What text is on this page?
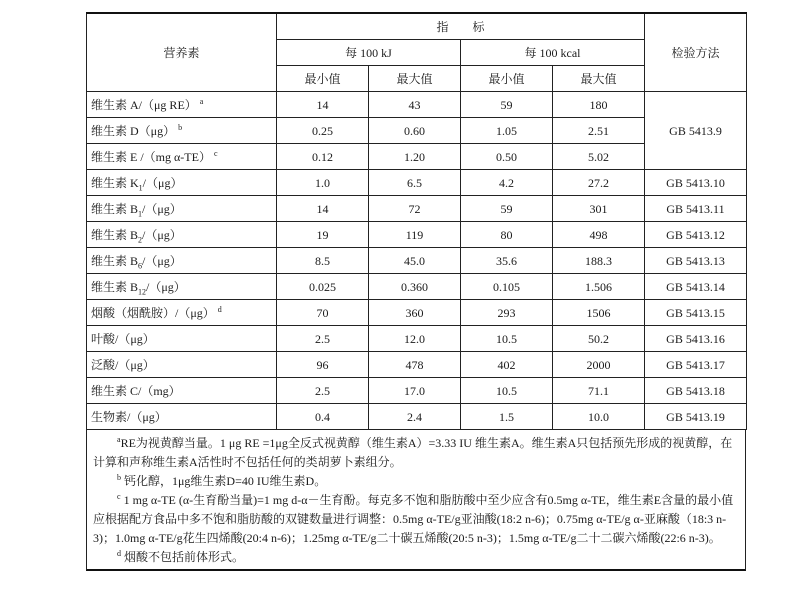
营养素	指　　标				检验方法
	每 100 kJ		每 100 kcal		
	最小值	最大值	最小值	最大值	
维生素 A/（μg RE） $^a$	14	43	59	180	GB 5413.9
维生素 D（μg） $^b$	0.25	0.60	1.05	2.51	
维生素 E /（mg α-TE） $^c$	0.12	1.20	0.50	5.02	
维生素 $K_1/(\mu g)$	1.0	6.5	4.2	27.2	GB 5413.10
维生素 $B_1/(\mu g)$	14	72	59	301	GB 5413.11
维生素 $B_2/(\mu g)$	19	119	80	498	GB 5413.12
维生素 $B_6/(\mu g)$	8.5	45.0	35.6	188.3	GB 5413.13
维生素 $B_{12}/(\mu g)$	0.025	0.360	0.105	1.506	GB 5413.14
烟酸（烟酰胺）/（μg） $^d$	70	360	293	1506	GB 5413.15
叶酸/（μg）	2.5	12.0	10.5	50.2	GB 5413.16
泛酸/（μg）	96	478	402	2000	GB 5413.17
维生素 C/（mg）	2.5	17.0	10.5	71.1	GB 5413.18
生物素/（μg）	0.4	2.4	1.5	10.0	GB 5413.19

$^a$RE为视黄醇当量。1 μg RE =1μg全反式视黄醇（维生素A）=3.33 IU 维生素A。维生素A只包括预先形成的视黄醇，在计算和声称维生素A活性时不包括任何的类胡萝卜素组分。

$^b$ 钙化醇，1μg维生素D=40 IU维生素D。

$^c$ 1 mg α-TE (α-生育酚当量)=1 mg d-α－生育酚。每克多不饱和脂肪酸中至少应含有0.5mg α-TE，维生素E含量的最小值应根据配方食品中多不饱和脂肪酸的双键数量进行调整：0.5mg α-TE/g亚油酸(18:2 n-6)；0.75mg α-TE/g α-亚麻酸（18:3 n-3)；1.0mg α-TE/g花生四烯酸(20:4 n-6)；1.25mg α-TE/g二十碳五烯酸(20:5 n-3)；1.5mg α-TE/g二十二碳六烯酸(22:6 n-3)。

$^d$ 烟酸不包括前体形式。
